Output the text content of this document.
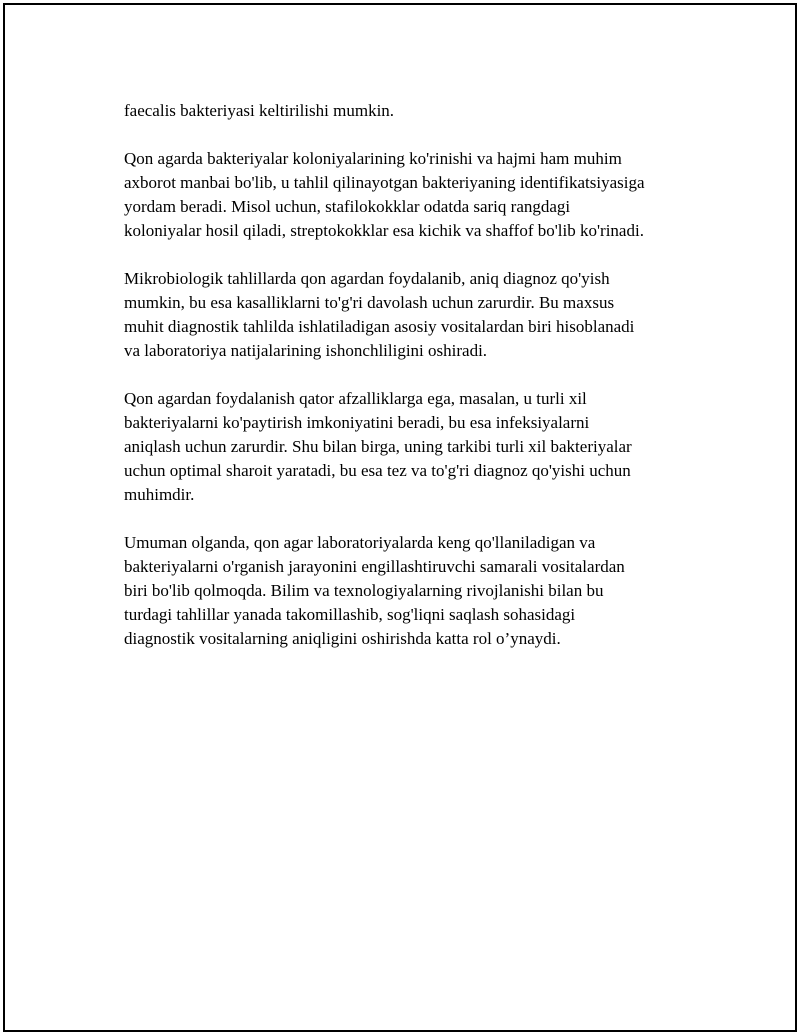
faecalis bakteriyasi keltirilishi mumkin.

Qon agarda bakteriyalar koloniyalarining ko'rinishi va hajmi ham muhim
axborot manbai bo'lib, u tahlil qilinayotgan bakteriyaning identifikatsiyasiga
yordam beradi. Misol uchun, stafilokokklar odatda sariq rangdagi
koloniyalar hosil qiladi, streptokokklar esa kichik va shaffof bo'lib ko'rinadi.

Mikrobiologik tahlillarda qon agardan foydalanib, aniq diagnoz qo'yish
mumkin, bu esa kasalliklarni to'g'ri davolash uchun zarurdir. Bu maxsus
muhit diagnostik tahlilda ishlatiladigan asosiy vositalardan biri hisoblanadi
va laboratoriya natijalarining ishonchliligini oshiradi.

Qon agardan foydalanish qator afzalliklarga ega, masalan, u turli xil
bakteriyalarni ko'paytirish imkoniyatini beradi, bu esa infeksiyalarni
aniqlash uchun zarurdir. Shu bilan birga, uning tarkibi turli xil bakteriyalar
uchun optimal sharoit yaratadi, bu esa tez va to'g'ri diagnoz qo'yishi uchun
muhimdir.

Umuman olganda, qon agar laboratoriyalarda keng qo'llaniladigan va
bakteriyalarni o'rganish jarayonini engillashtiruvchi samarali vositalardan
biri bo'lib qolmoqda. Bilim va texnologiyalarning rivojlanishi bilan bu
turdagi tahlillar yanada takomillashib, sog'liqni saqlash sohasidagi
diagnostik vositalarning aniqligini oshirishda katta rol o’ynaydi.
